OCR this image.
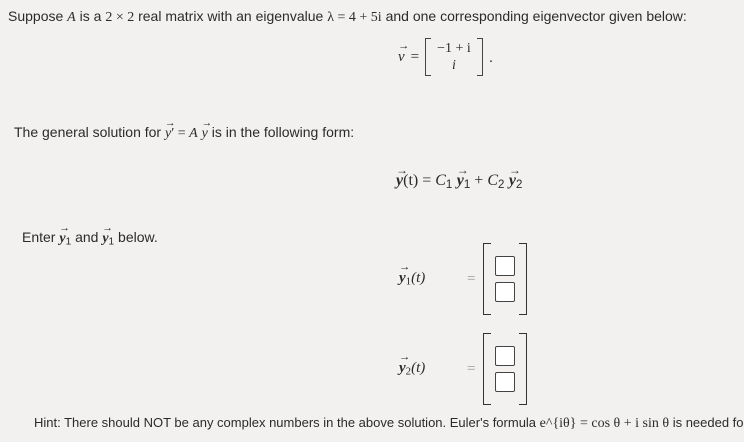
Suppose A is a 2 × 2 real matrix with an eigenvalue λ = 4 + 5i and one corresponding eigenvector given below:
→ v = −1 + i
i .
The general solution for → y′ = A → y is in the following form:
→ $y(t) = C_1 \to y_1 + C_2 \to y_2$
Enter → $y_1$ and → $y_1$ below.
→ $y_1(t)$	=
→ $y_2(t)$	=
Hint: There should NOT be any complex numbers in the above solution. Euler's formula e^{iθ} = cos θ + i sin θ is needed fo
